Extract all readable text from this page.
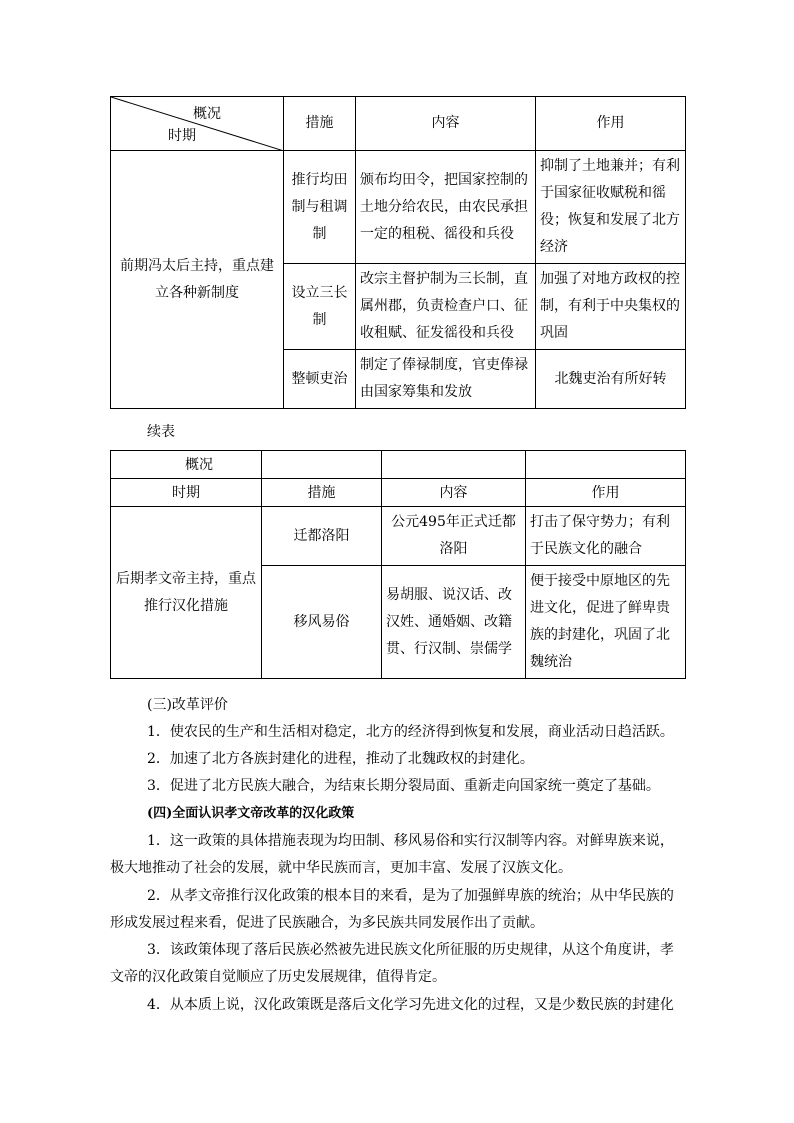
概况
时期	措施	内容	作用
前期冯太后主持，重点建立各种新制度	推行均田制与租调制	颁布均田令，把国家控制的土地分给农民，由农民承担一定的租税、徭役和兵役	抑制了土地兼并；有利于国家征收赋税和徭役；恢复和发展了北方经济
	设立三长制	改宗主督护制为三长制，直属州郡，负责检查户口、征收租赋、征发徭役和兵役	加强了对地方政权的控制，有利于中央集权的巩固
	整顿吏治	制定了俸禄制度，官吏俸禄由国家筹集和发放	北魏吏治有所好转
续表
概况			
时期	措施	内容	作用
后期孝文帝主持，重点推行汉化措施	迁都洛阳	公元495年正式迁都洛阳	打击了保守势力；有利于民族文化的融合
	移风易俗	易胡服、说汉话、改汉姓、通婚姻、改籍贯、行汉制、崇儒学	便于接受中原地区的先进文化，促进了鲜卑贵族的封建化，巩固了北魏统治
(三)改革评价
1．使农民的生产和生活相对稳定，北方的经济得到恢复和发展，商业活动日趋活跃。
2．加速了北方各族封建化的进程，推动了北魏政权的封建化。
3．促进了北方民族大融合，为结束长期分裂局面、重新走向国家统一奠定了基础。
(四)全面认识孝文帝改革的汉化政策
1．这一政策的具体措施表现为均田制、移风易俗和实行汉制等内容。对鲜卑族来说，
极大地推动了社会的发展，就中华民族而言，更加丰富、发展了汉族文化。
2．从孝文帝推行汉化政策的根本目的来看，是为了加强鲜卑族的统治；从中华民族的
形成发展过程来看，促进了民族融合，为多民族共同发展作出了贡献。
3．该政策体现了落后民族必然被先进民族文化所征服的历史规律，从这个角度讲，孝
文帝的汉化政策自觉顺应了历史发展规律，值得肯定。
4．从本质上说，汉化政策既是落后文化学习先进文化的过程，又是少数民族的封建化
